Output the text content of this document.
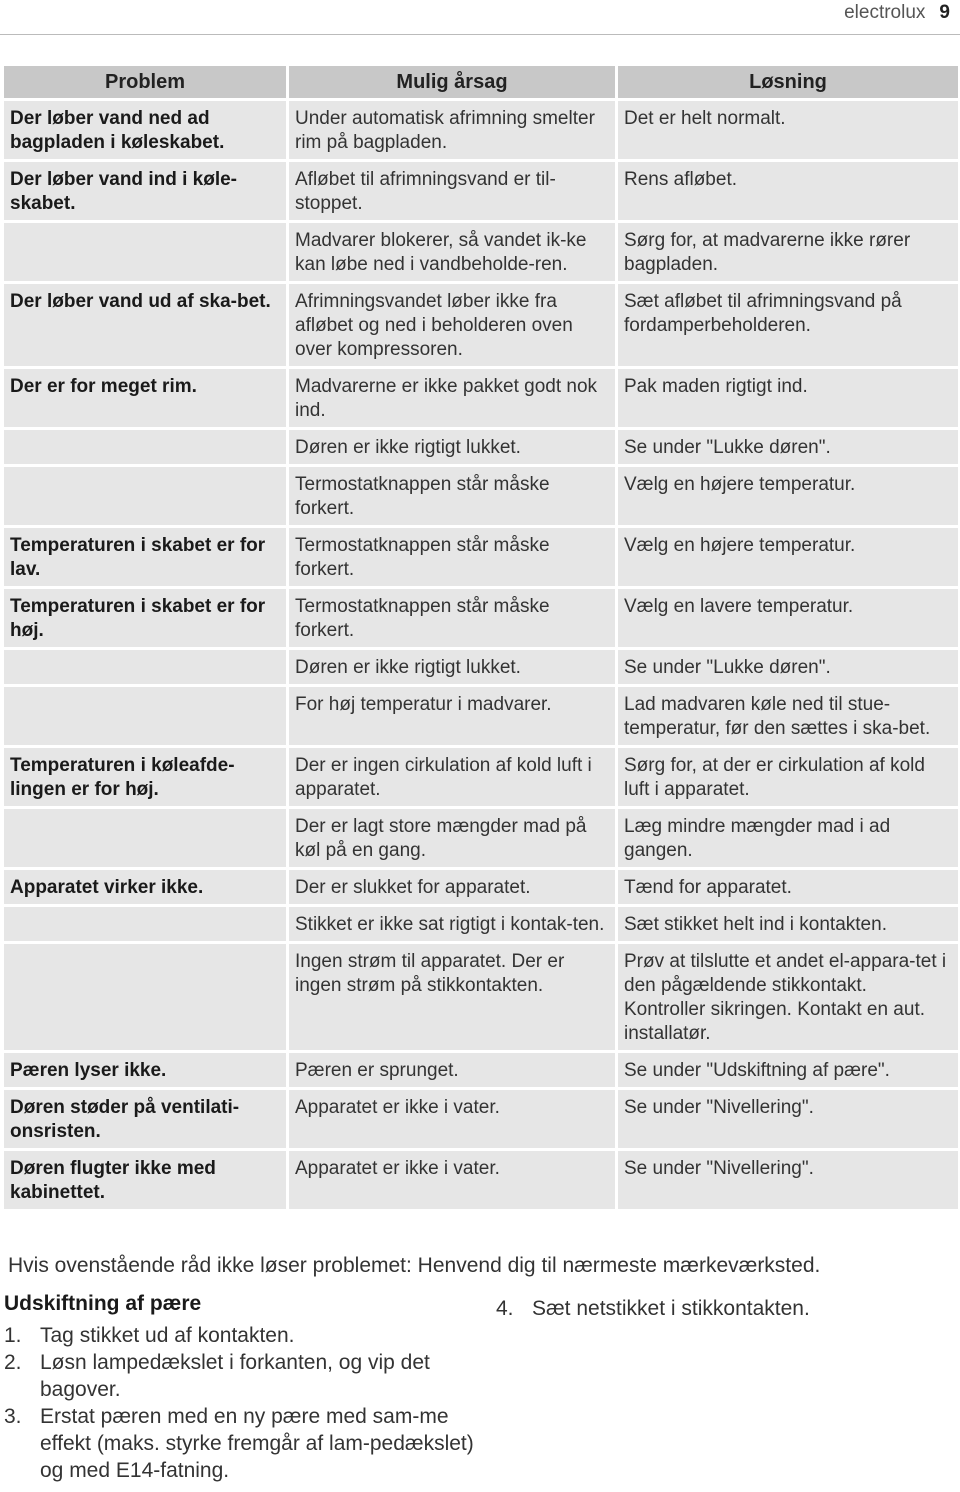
electrolux 9
Problem	Mulig årsag	Løsning
Der løber vand ned ad bagpladen i køleskabet.	Under automatisk afrimning smelter rim på bagpladen.	Det er helt normalt.
Der løber vand ind i køle-skabet.	Afløbet til afrimningsvand er til-stoppet.	Rens afløbet.
	Madvarer blokerer, så vandet ik-ke kan løbe ned i vandbeholde-ren.	Sørg for, at madvarerne ikke rører bagpladen.
Der løber vand ud af ska-bet.	Afrimningsvandet løber ikke fra afløbet og ned i beholderen oven over kompressoren.	Sæt afløbet til afrimningsvand på fordamperbeholderen.
Der er for meget rim.	Madvarerne er ikke pakket godt nok ind.	Pak maden rigtigt ind.
	Døren er ikke rigtigt lukket.	Se under "Lukke døren".
	Termostatknappen står måske forkert.	Vælg en højere temperatur.
Temperaturen i skabet er for lav.	Termostatknappen står måske forkert.	Vælg en højere temperatur.
Temperaturen i skabet er for høj.	Termostatknappen står måske forkert.	Vælg en lavere temperatur.
	Døren er ikke rigtigt lukket.	Se under "Lukke døren".
	For høj temperatur i madvarer.	Lad madvaren køle ned til stue-temperatur, før den sættes i ska-bet.
Temperaturen i køleafde-lingen er for høj.	Der er ingen cirkulation af kold luft i apparatet.	Sørg for, at der er cirkulation af kold luft i apparatet.
	Der er lagt store mængder mad på køl på en gang.	Læg mindre mængder mad i ad gangen.
Apparatet virker ikke.	Der er slukket for apparatet.	Tænd for apparatet.
	Stikket er ikke sat rigtigt i kontak-ten.	Sæt stikket helt ind i kontakten.
	Ingen strøm til apparatet. Der er ingen strøm på stikkontakten.	Prøv at tilslutte et andet el-appara-tet i den pågældende stikkontakt. Kontroller sikringen. Kontakt en aut. installatør.
Pæren lyser ikke.	Pæren er sprunget.	Se under "Udskiftning af pære".
Døren støder på ventilati-onsristen.	Apparatet er ikke i vater.	Se under "Nivellering".
Døren flugter ikke med kabinettet.	Apparatet er ikke i vater.	Se under "Nivellering".
Hvis ovenstående råd ikke løser problemet: Henvend dig til nærmeste mærkeværksted.
Udskiftning af pære
1. Tag stikket ud af kontakten.
2. Løsn lampedækslet i forkanten, og vip det bagover.
3. Erstat pæren med en ny pære med sam-me effekt (maks. styrke fremgår af lam-pedækslet) og med E14-fatning.
4. Sæt netstikket i stikkontakten.
